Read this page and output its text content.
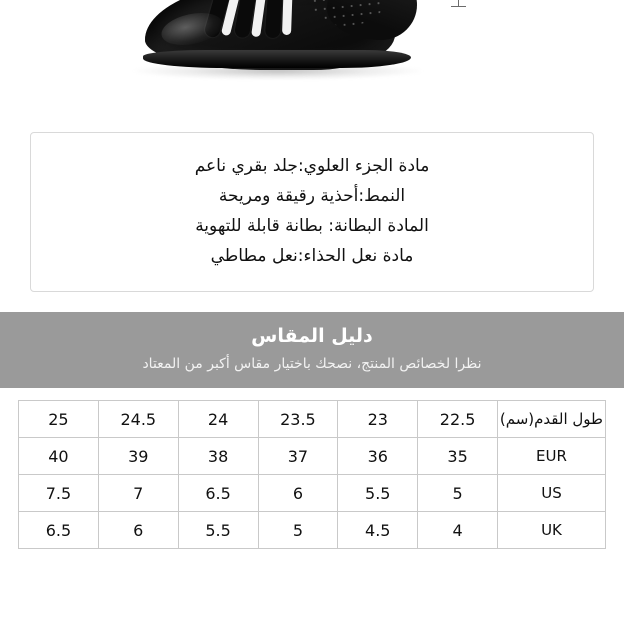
مادة الجزء العلوي:جلد بقري ناعم
النمط:أحذية رقيقة ومريحة
المادة البطانة: بطانة قابلة للتهوية
مادة نعل الحذاء:نعل مطاطي
دليل المقاس
نظرا لخصائص المنتج، نصحك باختيار مقاس أكبر من المعتاد
طول القدم(سم)	22.5	23	23.5	24	24.5	25
EUR	35	36	37	38	39	40
US	5	5.5	6	6.5	7	7.5
UK	4	4.5	5	5.5	6	6.5
